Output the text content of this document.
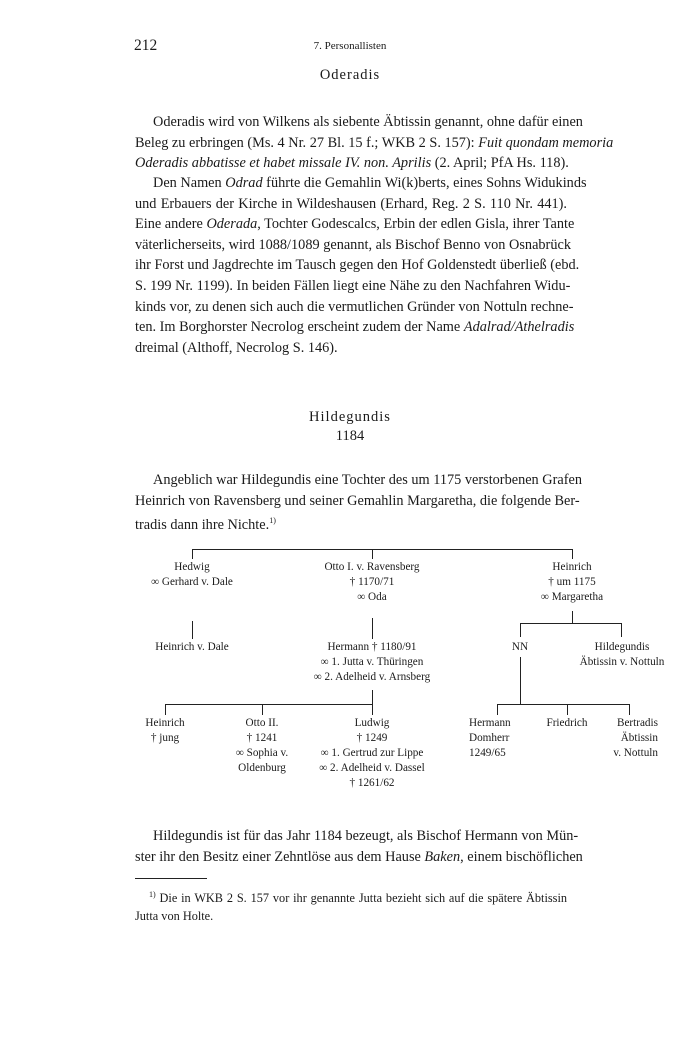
212	7. Personallisten
Oderadis
Oderadis wird von Wilkens als siebente Äbtissin genannt, ohne dafür einen
Beleg zu erbringen (Ms. 4 Nr. 27 Bl. 15 f.; WKB 2 S. 157): Fuit quondam memoria
Oderadis abbatisse et habet missale IV. non. Aprilis (2. April; PfA Hs. 118).
Den Namen Odrad führte die Gemahlin Wi(k)berts, eines Sohns Widukinds
und Erbauers der Kirche in Wildeshausen (Erhard, Reg. 2 S. 110 Nr. 441).
Eine andere Oderada, Tochter Godescalcs, Erbin der edlen Gisla, ihrer Tante
väterlicherseits, wird 1088/1089 genannt, als Bischof Benno von Osnabrück
ihr Forst und Jagdrechte im Tausch gegen den Hof Goldenstedt überließ (ebd.
S. 199 Nr. 1199). In beiden Fällen liegt eine Nähe zu den Nachfahren Widu-
kinds vor, zu denen sich auch die vermutlichen Gründer von Nottuln rechne-
ten. Im Borghorster Necrolog erscheint zudem der Name Adalrad/Athelradis
dreimal (Althoff, Necrolog S. 146).
Hildegundis
1184
Angeblich war Hildegundis eine Tochter des um 1175 verstorbenen Grafen
Heinrich von Ravensberg und seiner Gemahlin Margaretha, die folgende Ber-
tradis dann ihre Nichte.$^{1)}$
Hedwig
∞ Gerhard v. Dale
Otto I. v. Ravensberg
† 1170/71
∞ Oda
Heinrich
† um 1175
∞ Margaretha
Heinrich v. Dale	Hermann † 1180/91
∞ 1. Jutta v. Thüringen
∞ 2. Adelheid v. Arnsberg
NN	Hildegundis
Äbtissin v. Nottuln
Heinrich
† jung
Otto II.
† 1241
∞ Sophia v.
Oldenburg
Ludwig
† 1249
∞ 1. Gertrud zur Lippe
∞ 2. Adelheid v. Dassel
† 1261/62
Hermann
Domherr
1249/65
Friedrich	Bertradis
Äbtissin
v. Nottuln
Hildegundis ist für das Jahr 1184 bezeugt, als Bischof Hermann von Mün-
ster ihr den Besitz einer Zehntlöse aus dem Hause Baken, einem bischöflichen
$^{1)}$ Die in WKB 2 S. 157 vor ihr genannte Jutta bezieht sich auf die spätere Äbtissin
Jutta von Holte.
